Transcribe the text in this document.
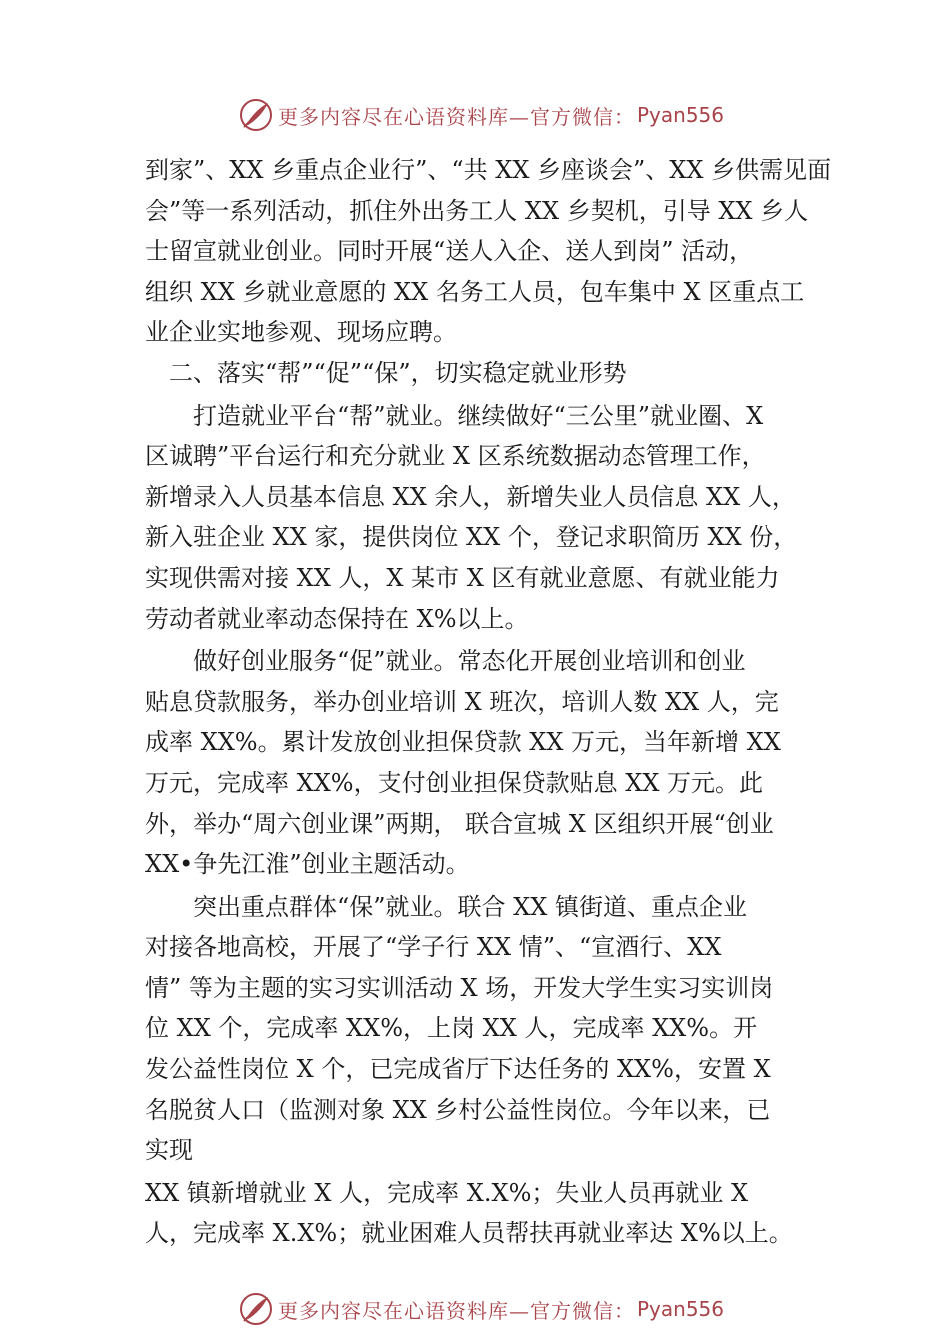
更多内容尽在心语资料库—官方微信： Pyan556
到家”、XX 乡重点企业行”、“共 XX 乡座谈会”、XX 乡供需见面
会”等一系列活动，抓住外出务工人 XX 乡契机，引导 XX 乡人
士留宣就业创业。同时开展“送人入企、送人到岗” 活动，
组织 XX 乡就业意愿的 XX 名务工人员，包车集中 X 区重点工
业企业实地参观、现场应聘。
　二、落实“帮”“促”“保”，切实稳定就业形势
　　打造就业平台“帮”就业。继续做好“三公里”就业圈、X
区诚聘”平台运行和充分就业 X 区系统数据动态管理工作，
新增录入人员基本信息 XX 余人，新增失业人员信息 XX 人，
新入驻企业 XX 家，提供岗位 XX 个，登记求职简历 XX 份，
实现供需对接 XX 人，X 某市 X 区有就业意愿、有就业能力
劳动者就业率动态保持在 X%以上。
　　做好创业服务“促”就业。常态化开展创业培训和创业
贴息贷款服务，举办创业培训 X 班次，培训人数 XX 人，完
成率 XX%。累计发放创业担保贷款 XX 万元，当年新增 XX
万元，完成率 XX%，支付创业担保贷款贴息 XX 万元。此
外，举办“周六创业课”两期， 联合宣城 X 区组织开展“创业
XX•争先江淮”创业主题活动。
　　突出重点群体“保”就业。联合 XX 镇街道、重点企业
对接各地高校，开展了“学子行 XX 情”、“宣酒行、XX
情” 等为主题的实习实训活动 X 场，开发大学生实习实训岗
位 XX 个，完成率 XX%，上岗 XX 人，完成率 XX%。开
发公益性岗位 X 个，已完成省厅下达任务的 XX%，安置 X
名脱贫人口（监测对象 XX 乡村公益性岗位。今年以来，已
实现
XX 镇新增就业 X 人，完成率 X.X%；失业人员再就业 X
人，完成率 X.X%；就业困难人员帮扶再就业率达 X%以上。
更多内容尽在心语资料库—官方微信： Pyan556
